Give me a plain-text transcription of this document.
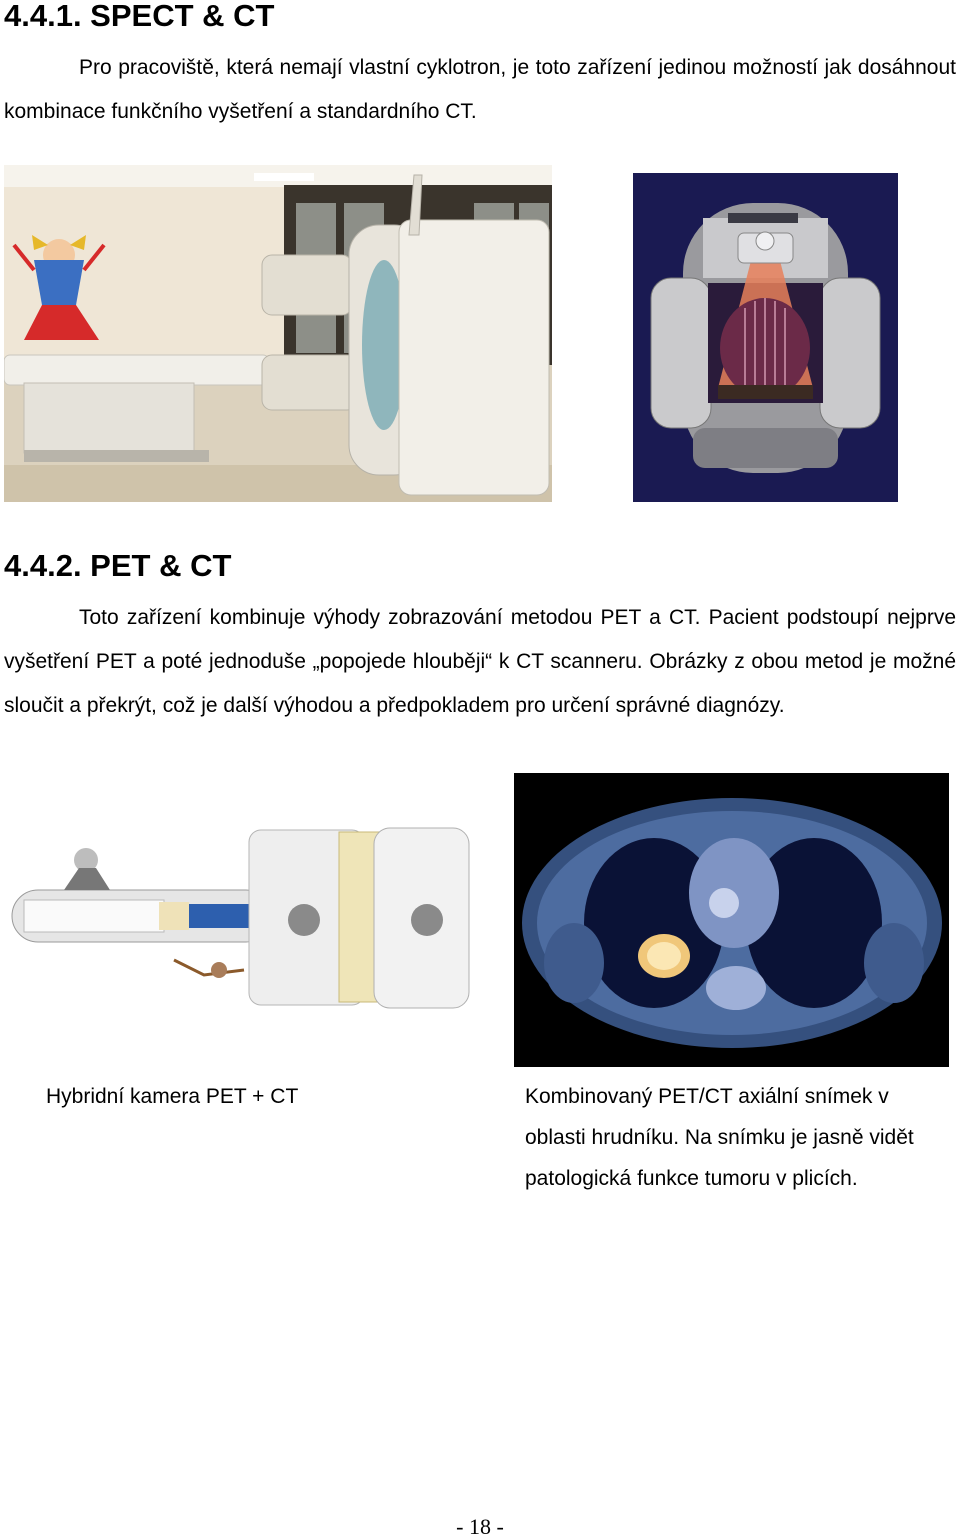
4.4.1. SPECT & CT

Pro pracoviště, která nemají vlastní cyklotron, je toto zařízení jedinou možností jak dosáhnout kombinace funkčního vyšetření a standardního CT.

4.4.2. PET & CT

Toto zařízení kombinuje výhody zobrazování metodou PET a CT. Pacient podstoupí nejprve vyšetření PET a poté jednoduše „popojede hlouběji“ k CT scanneru. Obrázky z obou metod je možné sloučit a překrýt, což je další výhodou a předpokladem pro určení správné diagnózy.

Hybridní kamera PET + CT	Kombinovaný PET/CT axiální snímek v oblasti hrudníku. Na snímku je jasně vidět patologická funkce tumoru v plicích.

- 18 -
